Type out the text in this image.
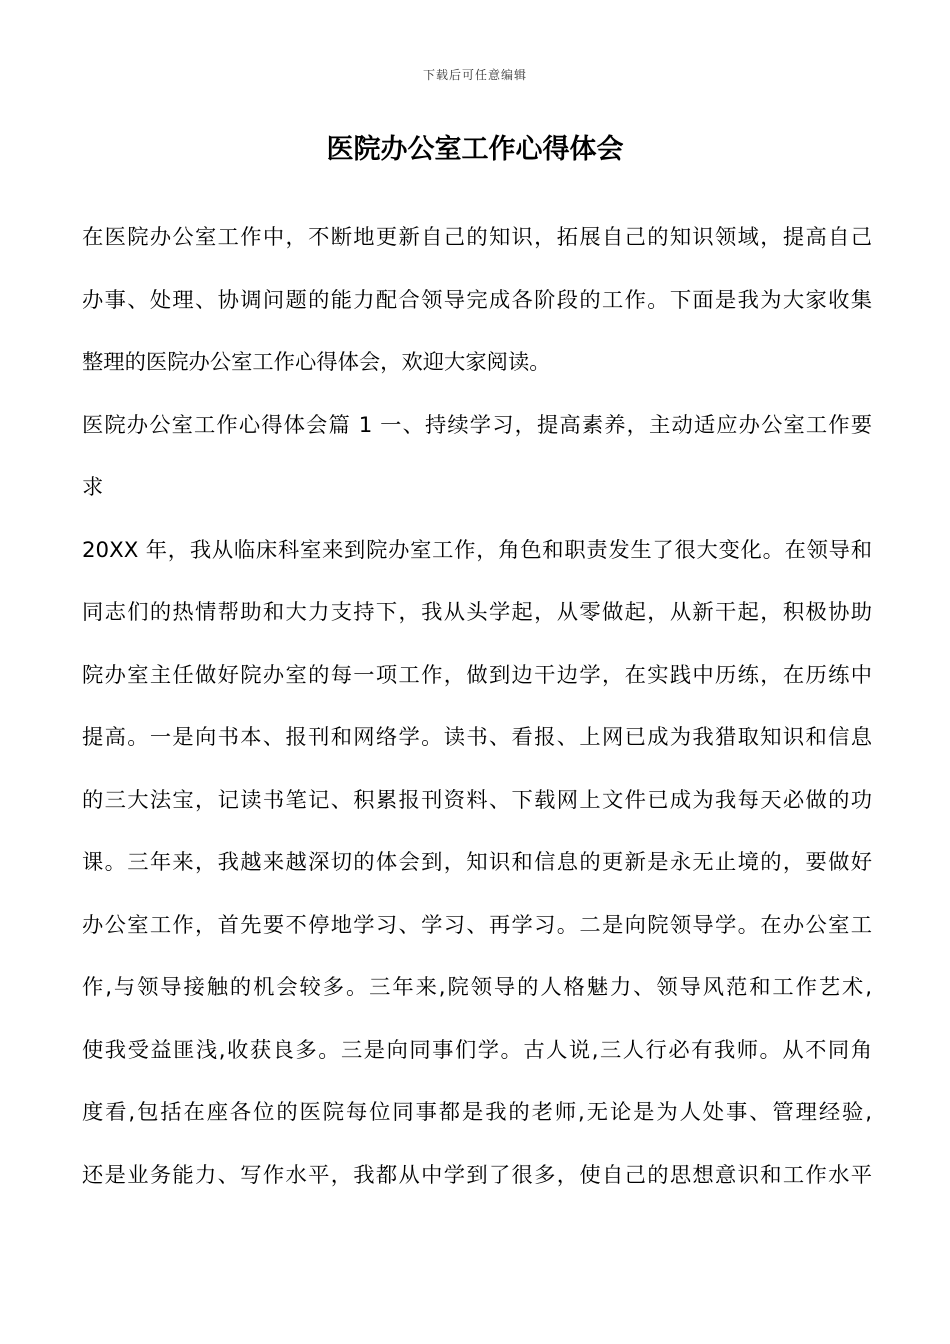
下载后可任意编辑
医院办公室工作心得体会
在医院办公室工作中，不断地更新自己的知识，拓展自己的知识领域，提高自己
办事、处理、协调问题的能力配合领导完成各阶段的工作。下面是我为大家收集
整理的医院办公室工作心得体会，欢迎大家阅读。
医院办公室工作心得体会篇 1 一、持续学习，提高素养，主动适应办公室工作要
求
20XX 年，我从临床科室来到院办室工作，角色和职责发生了很大变化。在领导和
同志们的热情帮助和大力支持下，我从头学起，从零做起，从新干起，积极协助
院办室主任做好院办室的每一项工作，做到边干边学，在实践中历练，在历练中
提高。一是向书本、报刊和网络学。读书、看报、上网已成为我猎取知识和信息
的三大法宝，记读书笔记、积累报刊资料、下载网上文件已成为我每天必做的功
课。三年来，我越来越深切的体会到，知识和信息的更新是永无止境的，要做好
办公室工作，首先要不停地学习、学习、再学习。二是向院领导学。在办公室工
作,与领导接触的机会较多。三年来,院领导的人格魅力、领导风范和工作艺术,
使我受益匪浅,收获良多。三是向同事们学。古人说,三人行必有我师。从不同角
度看,包括在座各位的医院每位同事都是我的老师,无论是为人处事、管理经验,
还是业务能力、写作水平，我都从中学到了很多，使自己的思想意识和工作水平
